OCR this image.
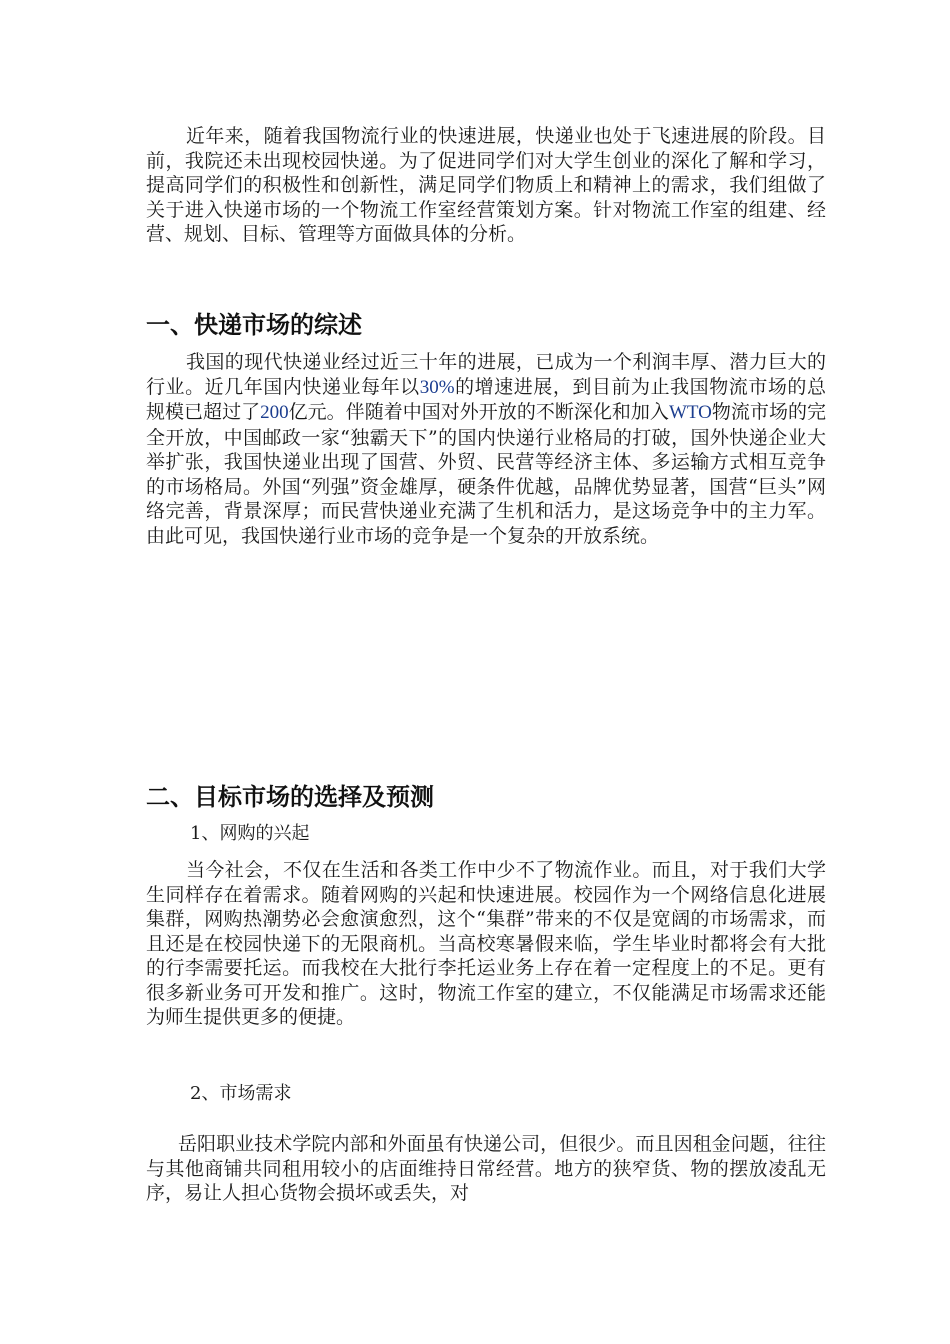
近年来，随着我国物流行业的快速进展，快递业也处于飞速进展的阶段。目前，我院还未出现校园快递。为了促进同学们对大学生创业的深化了解和学习，提高同学们的积极性和创新性，满足同学们物质上和精神上的需求，我们组做了关于进入快递市场的一个物流工作室经营策划方案。针对物流工作室的组建、经营、规划、目标、管理等方面做具体的分析。

一、快递市场的综述

我国的现代快递业经过近三十年的进展，已成为一个利润丰厚、潜力巨大的行业。近几年国内快递业每年以30%的增速进展，到目前为止我国物流市场的总规模已超过了200亿元。伴随着中国对外开放的不断深化和加入WTO物流市场的完全开放，中国邮政一家“独霸天下”的国内快递行业格局的打破，国外快递企业大举扩张，我国快递业出现了国营、外贸、民营等经济主体、多运输方式相互竞争的市场格局。外国“列强”资金雄厚，硬条件优越，品牌优势显著，国营“巨头”网络完善，背景深厚；而民营快递业充满了生机和活力，是这场竞争中的主力军。由此可见，我国快递行业市场的竞争是一个复杂的开放系统。

二、目标市场的选择及预测

1、网购的兴起

当今社会，不仅在生活和各类工作中少不了物流作业。而且，对于我们大学生同样存在着需求。随着网购的兴起和快速进展。校园作为一个网络信息化进展集群，网购热潮势必会愈演愈烈，这个“集群”带来的不仅是宽阔的市场需求，而且还是在校园快递下的无限商机。当高校寒暑假来临，学生毕业时都将会有大批的行李需要托运。而我校在大批行李托运业务上存在着一定程度上的不足。更有很多新业务可开发和推广。这时，物流工作室的建立，不仅能满足市场需求还能为师生提供更多的便捷。

2、市场需求

岳阳职业技术学院内部和外面虽有快递公司，但很少。而且因租金问题，往往与其他商铺共同租用较小的店面维持日常经营。地方的狭窄货、物的摆放凌乱无序，易让人担心货物会损坏或丢失，对
